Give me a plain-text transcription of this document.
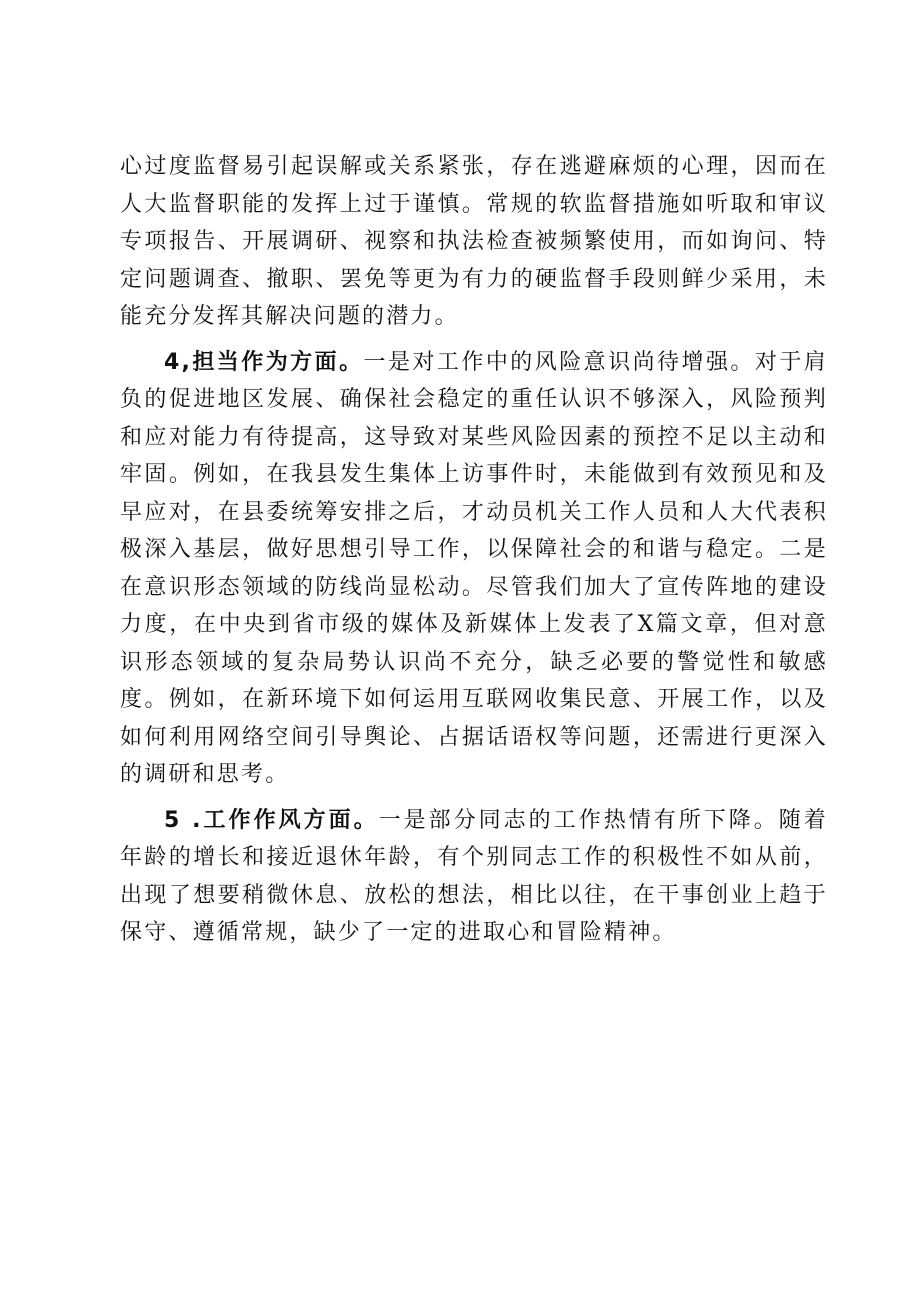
心过度监督易引起误解或关系紧张，存在逃避麻烦的心理，因而在人大监督职能的发挥上过于谨慎。常规的软监督措施如听取和审议专项报告、开展调研、视察和执法检查被频繁使用，而如询问、特定问题调查、撤职、罢免等更为有力的硬监督手段则鲜少采用，未能充分发挥其解决问题的潜力。

4,担当作为方面。一是对工作中的风险意识尚待增强。对于肩负的促进地区发展、确保社会稳定的重任认识不够深入，风险预判和应对能力有待提高，这导致对某些风险因素的预控不足以主动和牢固。例如，在我县发生集体上访事件时，未能做到有效预见和及早应对，在县委统筹安排之后，才动员机关工作人员和人大代表积极深入基层，做好思想引导工作，以保障社会的和谐与稳定。二是在意识形态领域的防线尚显松动。尽管我们加大了宣传阵地的建设力度，在中央到省市级的媒体及新媒体上发表了X篇文章，但对意识形态领域的复杂局势认识尚不充分，缺乏必要的警觉性和敏感度。例如，在新环境下如何运用互联网收集民意、开展工作，以及如何利用网络空间引导舆论、占据话语权等问题，还需进行更深入的调研和思考。

5 .工作作风方面。一是部分同志的工作热情有所下降。随着年龄的增长和接近退休年龄，有个别同志工作的积极性不如从前，出现了想要稍微休息、放松的想法，相比以往，在干事创业上趋于保守、遵循常规，缺少了一定的进取心和冒险精神。
